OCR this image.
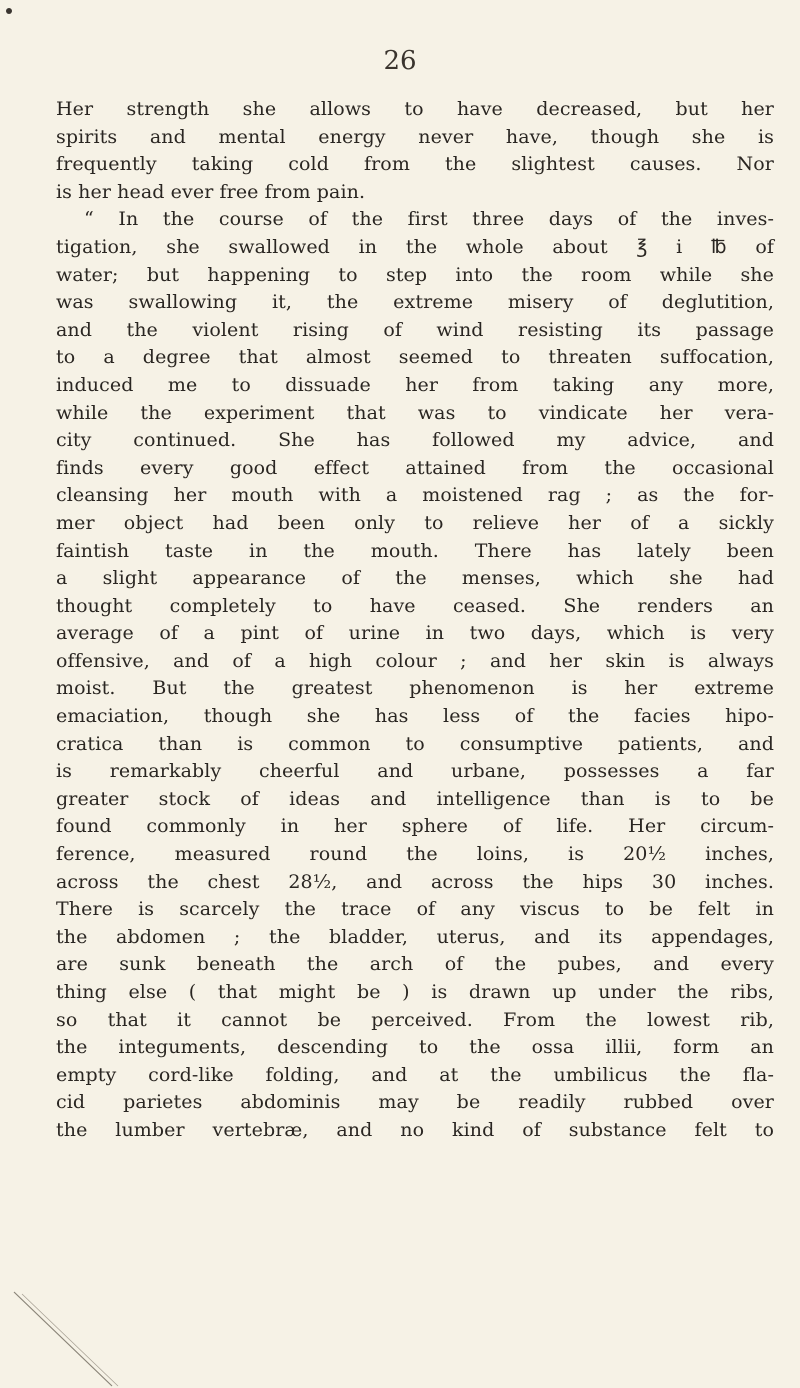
26
Her strength she allows to have decreased, but her
spirits and mental energy never have, though she is
frequently taking cold from the slightest causes. Nor
is her head ever free from pain.
“ In the course of the first three days of the inves-
tigation, she swallowed in the whole about ℥ i ℔ of
water; but happening to step into the room while she
was swallowing it, the extreme misery of deglutition,
and the violent rising of wind resisting its passage
to a degree that almost seemed to threaten suffocation,
induced me to dissuade her from taking any more,
while the experiment that was to vindicate her vera-
city continued. She has followed my advice, and
finds every good effect attained from the occasional
cleansing her mouth with a moistened rag ; as the for-
mer object had been only to relieve her of a sickly
faintish taste in the mouth. There has lately been
a slight appearance of the menses, which she had
thought completely to have ceased. She renders an
average of a pint of urine in two days, which is very
offensive, and of a high colour ; and her skin is always
moist. But the greatest phenomenon is her extreme
emaciation, though she has less of the facies hipo-
cratica than is common to consumptive patients, and
is remarkably cheerful and urbane, possesses a far
greater stock of ideas and intelligence than is to be
found commonly in her sphere of life. Her circum-
ference, measured round the loins, is 20½ inches,
across the chest 28½, and across the hips 30 inches.
There is scarcely the trace of any viscus to be felt in
the abdomen ; the bladder, uterus, and its appendages,
are sunk beneath the arch of the pubes, and every
thing else ( that might be ) is drawn up under the ribs,
so that it cannot be perceived. From the lowest rib,
the integuments, descending to the ossa illii, form an
empty cord-like folding, and at the umbilicus the fla-
cid parietes abdominis may be readily rubbed over
the lumber vertebræ, and no kind of substance felt to
